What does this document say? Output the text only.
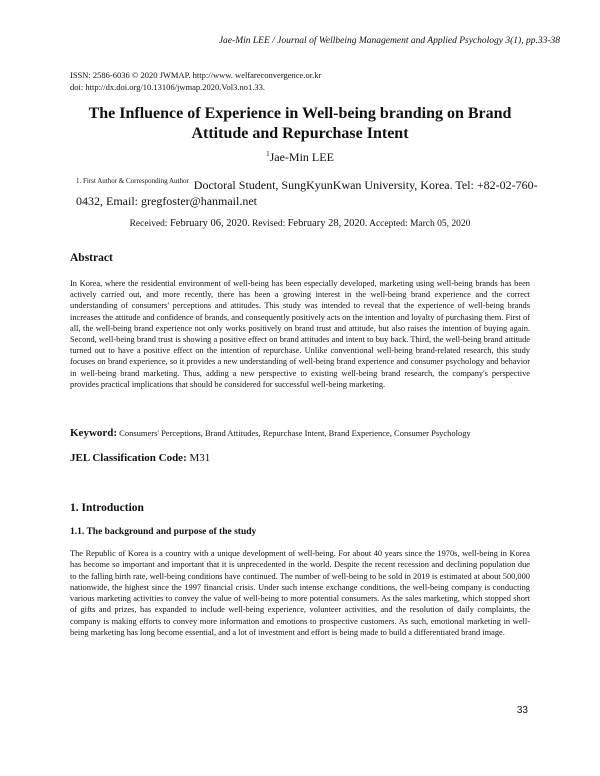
Jae-Min LEE / Journal of Wellbeing Management and Applied Psychology 3(1), pp.33-38
ISSN: 2586-6036 © 2020 JWMAP. http://www. welfareconvergence.or.kr
doi: http://dx.doi.org/10.13106/jwmap.2020.Vol3.no1.33.
The Influence of Experience in Well-being branding on Brand
Attitude and Repurchase Intent
$^1$Jae-Min LEE
$^{1. First Author \& Corresponding Author}$ Doctoral Student, SungKyunKwan University, Korea. Tel: +82-02-760-0432, Email: gregfoster@hanmail.net
Received: February 06, 2020. Revised: February 28, 2020. Accepted: March 05, 2020
Abstract
In Korea, where the residential environment of well-being has been especially developed, marketing using well-being brands has been actively carried out, and more recently, there has been a growing interest in the well-being brand experience and the correct understanding of consumers' perceptions and attitudes. This study was intended to reveal that the experience of well-being brands increases the attitude and confidence of brands, and consequently positively acts on the intention and loyalty of purchasing them. First of all, the well-being brand experience not only works positively on brand trust and attitude, but also raises the intention of buying again. Second, well-being brand trust is showing a positive effect on brand attitudes and intent to buy back. Third, the well-being brand attitude turned out to have a positive effect on the intention of repurchase. Unlike conventional well-being brand-related research, this study focuses on brand experience, so it provides a new understanding of well-being brand experience and consumer psychology and behavior in well-being brand marketing. Thus, adding a new perspective to existing well-being brand research, the company's perspective provides practical implications that should be considered for successful well-being marketing.
Keyword: Consumers' Perceptions, Brand Attitudes, Repurchase Intent, Brand Experience, Consumer Psychology
JEL Classification Code: M31
1. Introduction
1.1. The background and purpose of the study
The Republic of Korea is a country with a unique development of well-being. For about 40 years since the 1970s, well-being in Korea has become so important and important that it is unprecedented in the world. Despite the recent recession and declining population due to the falling birth rate, well-being conditions have continued. The number of well-being to be sold in 2019 is estimated at about 500,000 nationwide, the highest since the 1997 financial crisis. Under such intense exchange conditions, the well-being company is conducting various marketing activities to convey the value of well-being to more potential consumers. As the sales marketing, which stopped short of gifts and prizes, has expanded to include well-being experience, volunteer activities, and the resolution of daily complaints, the company is making efforts to convey more information and emotions to prospective customers. As such, emotional marketing in well-being marketing has long become essential, and a lot of investment and effort is being made to build a differentiated brand image.
33
